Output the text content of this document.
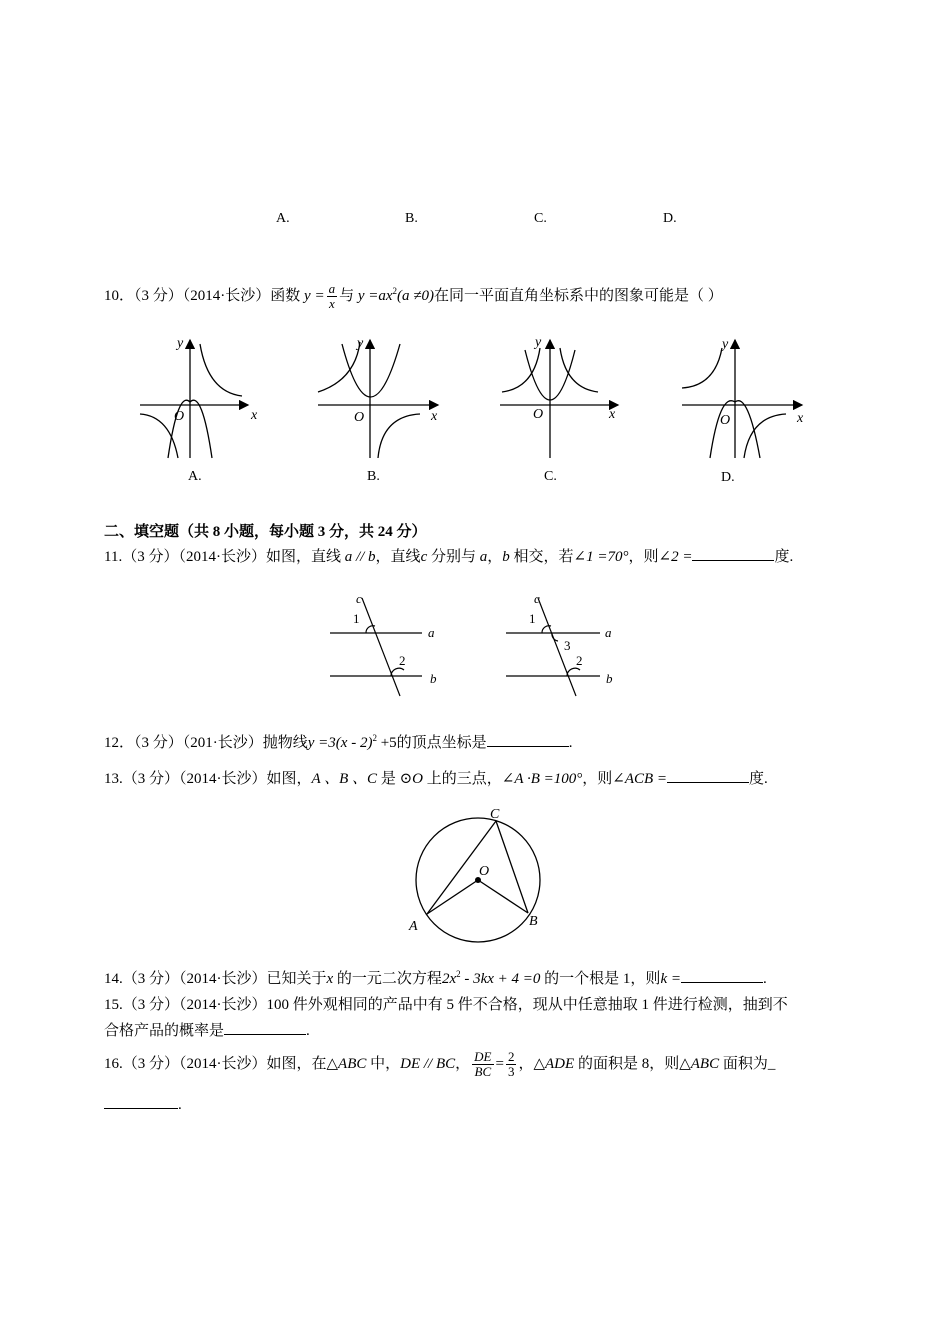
A.	B.	C.	D.
10．（3 分）（2014·长沙）函数 $y = \frac{a}{x}$ 与 $y =ax^2(a \ne 0)$在同一平面直角坐标系中的图象可能是（ ）
y
x
O
y
x
O
y
x
O
y
x
O
A.	B.	C.	D.
二、填空题（共 8 小题，每小题 3 分，共 24 分）
11.（3 分）（2014·长沙）如图，直线 a // b，直线c 分别与 a，b 相交，若∠1 =70°，则∠2 =	度.
c
1
a
2
b
c
1
a
3
2
b
12．（3 分）（201·长沙）抛物线y =3(x - 2)$^2$ +5的顶点坐标是	.
13.（3 分）（2014·长沙）如图，A 、B 、C 是 ⊙O 上的三点，∠A ·B =100°，则∠ACB =	度.
C
O
A	B
14.（3 分）（2014·长沙）已知关于x 的一元二次方程$2x^2 - 3kx + 4 =0$ 的一个根是 1，则k =	.
15.（3 分）（2014·长沙）100 件外观相同的产品中有 5 件不合格，现从中任意抽取 1 件进行检测，抽到不
合格产品的概率是	.
16.（3 分）（2014·长沙）如图，在△ABC 中，DE // BC， $\frac{DE}{BC} = \frac{2}{3}$ ，△ADE 的面积是 8，则△ABC 面积为_
.
